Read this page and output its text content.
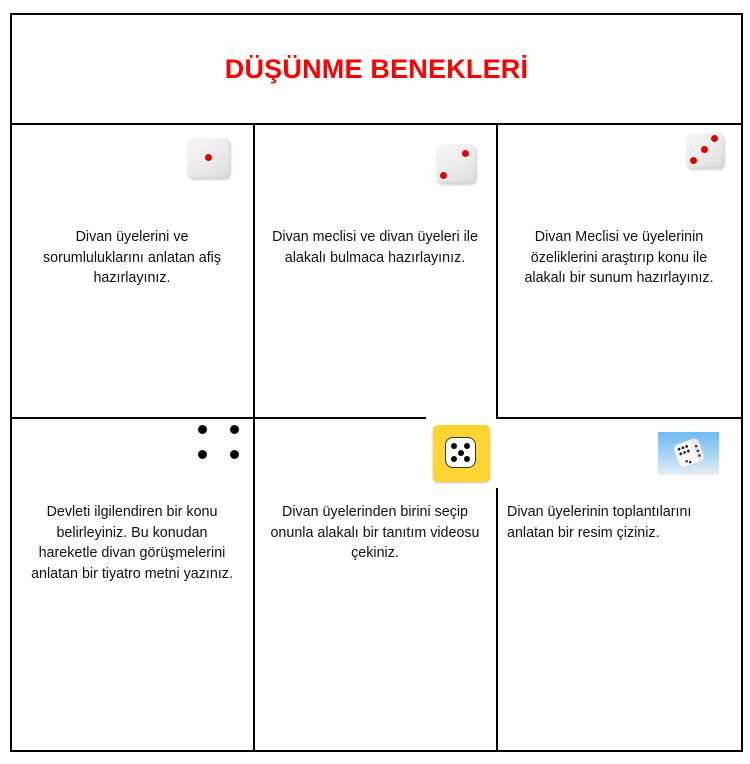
DÜŞÜNME BENEKLERİ
Divan üyelerini ve
sorumluluklarını anlatan afiş
hazırlayınız.
Divan meclisi ve divan üyeleri ile
alakalı bulmaca hazırlayınız.
Divan Meclisi ve üyelerinin
özeliklerini araştırıp konu ile
alakalı bir sunum hazırlayınız.
Devleti ilgilendiren bir konu
belirleyiniz. Bu konudan
hareketle divan görüşmelerini
anlatan bir tiyatro metni yazınız.
Divan üyelerinden birini seçip
onunla alakalı bir tanıtım videosu
çekiniz.
Divan üyelerinin toplantılarını
anlatan bir resim çiziniz.
